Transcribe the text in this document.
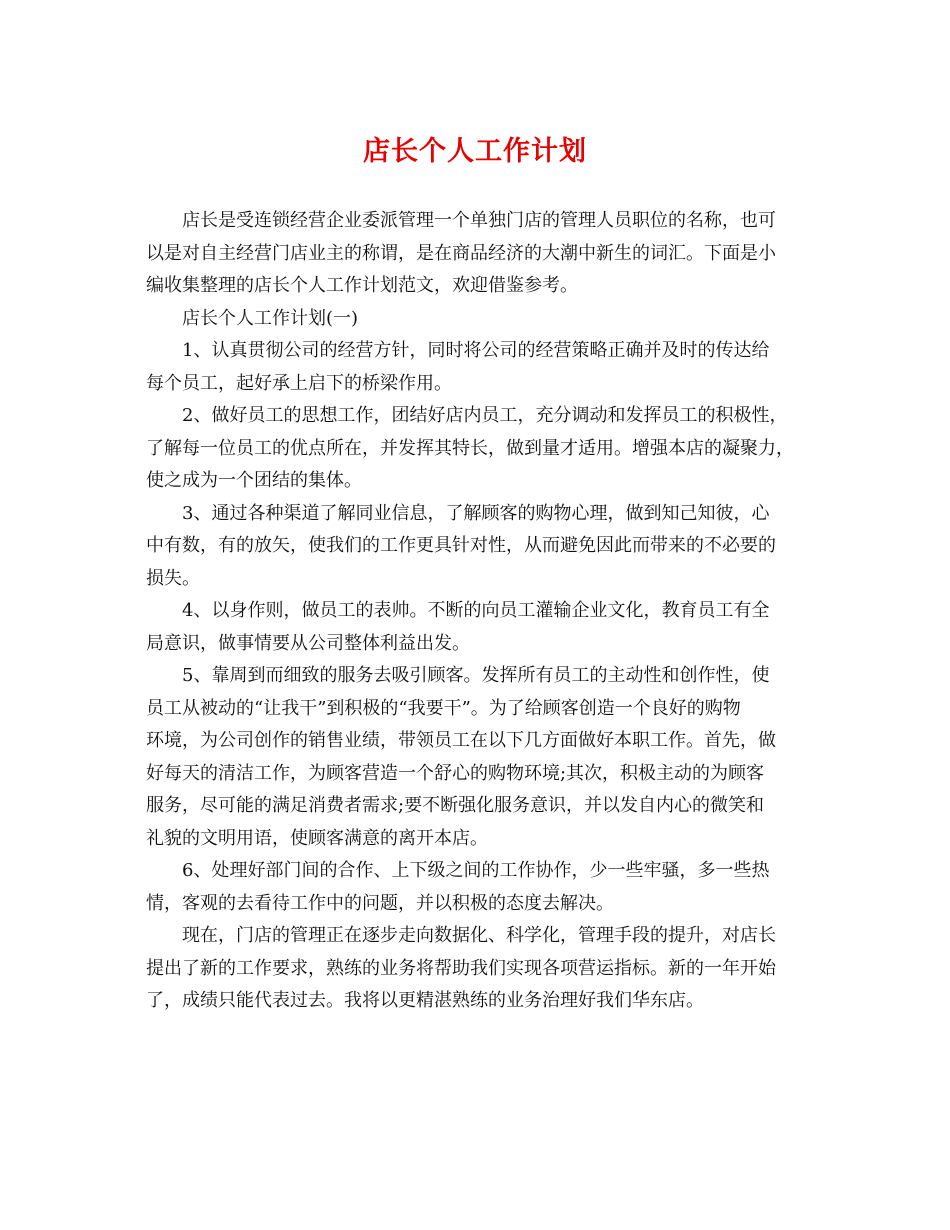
店长个人工作计划

店长是受连锁经营企业委派管理一个单独门店的管理人员职位的名称，也可
以是对自主经营门店业主的称谓，是在商品经济的大潮中新生的词汇。下面是小
编收集整理的店长个人工作计划范文，欢迎借鉴参考。

店长个人工作计划(一)

1、认真贯彻公司的经营方针，同时将公司的经营策略正确并及时的传达给
每个员工，起好承上启下的桥梁作用。

2、做好员工的思想工作，团结好店内员工，充分调动和发挥员工的积极性，
了解每一位员工的优点所在，并发挥其特长，做到量才适用。增强本店的凝聚力，
使之成为一个团结的集体。

3、通过各种渠道了解同业信息，了解顾客的购物心理，做到知己知彼，心
中有数，有的放矢，使我们的工作更具针对性，从而避免因此而带来的不必要的
损失。

4、以身作则，做员工的表帅。不断的向员工灌输企业文化，教育员工有全
局意识，做事情要从公司整体利益出发。

5、靠周到而细致的服务去吸引顾客。发挥所有员工的主动性和创作性，使
员工从被动的“让我干”到积极的“我要干”。为了给顾客创造一个良好的购物
环境，为公司创作的销售业绩，带领员工在以下几方面做好本职工作。首先，做
好每天的清洁工作，为顾客营造一个舒心的购物环境;其次，积极主动的为顾客
服务，尽可能的满足消费者需求;要不断强化服务意识，并以发自内心的微笑和
礼貌的文明用语，使顾客满意的离开本店。

6、处理好部门间的合作、上下级之间的工作协作，少一些牢骚，多一些热
情，客观的去看待工作中的问题，并以积极的态度去解决。

现在，门店的管理正在逐步走向数据化、科学化，管理手段的提升，对店长
提出了新的工作要求，熟练的业务将帮助我们实现各项营运指标。新的一年开始
了，成绩只能代表过去。我将以更精湛熟练的业务治理好我们华东店。
